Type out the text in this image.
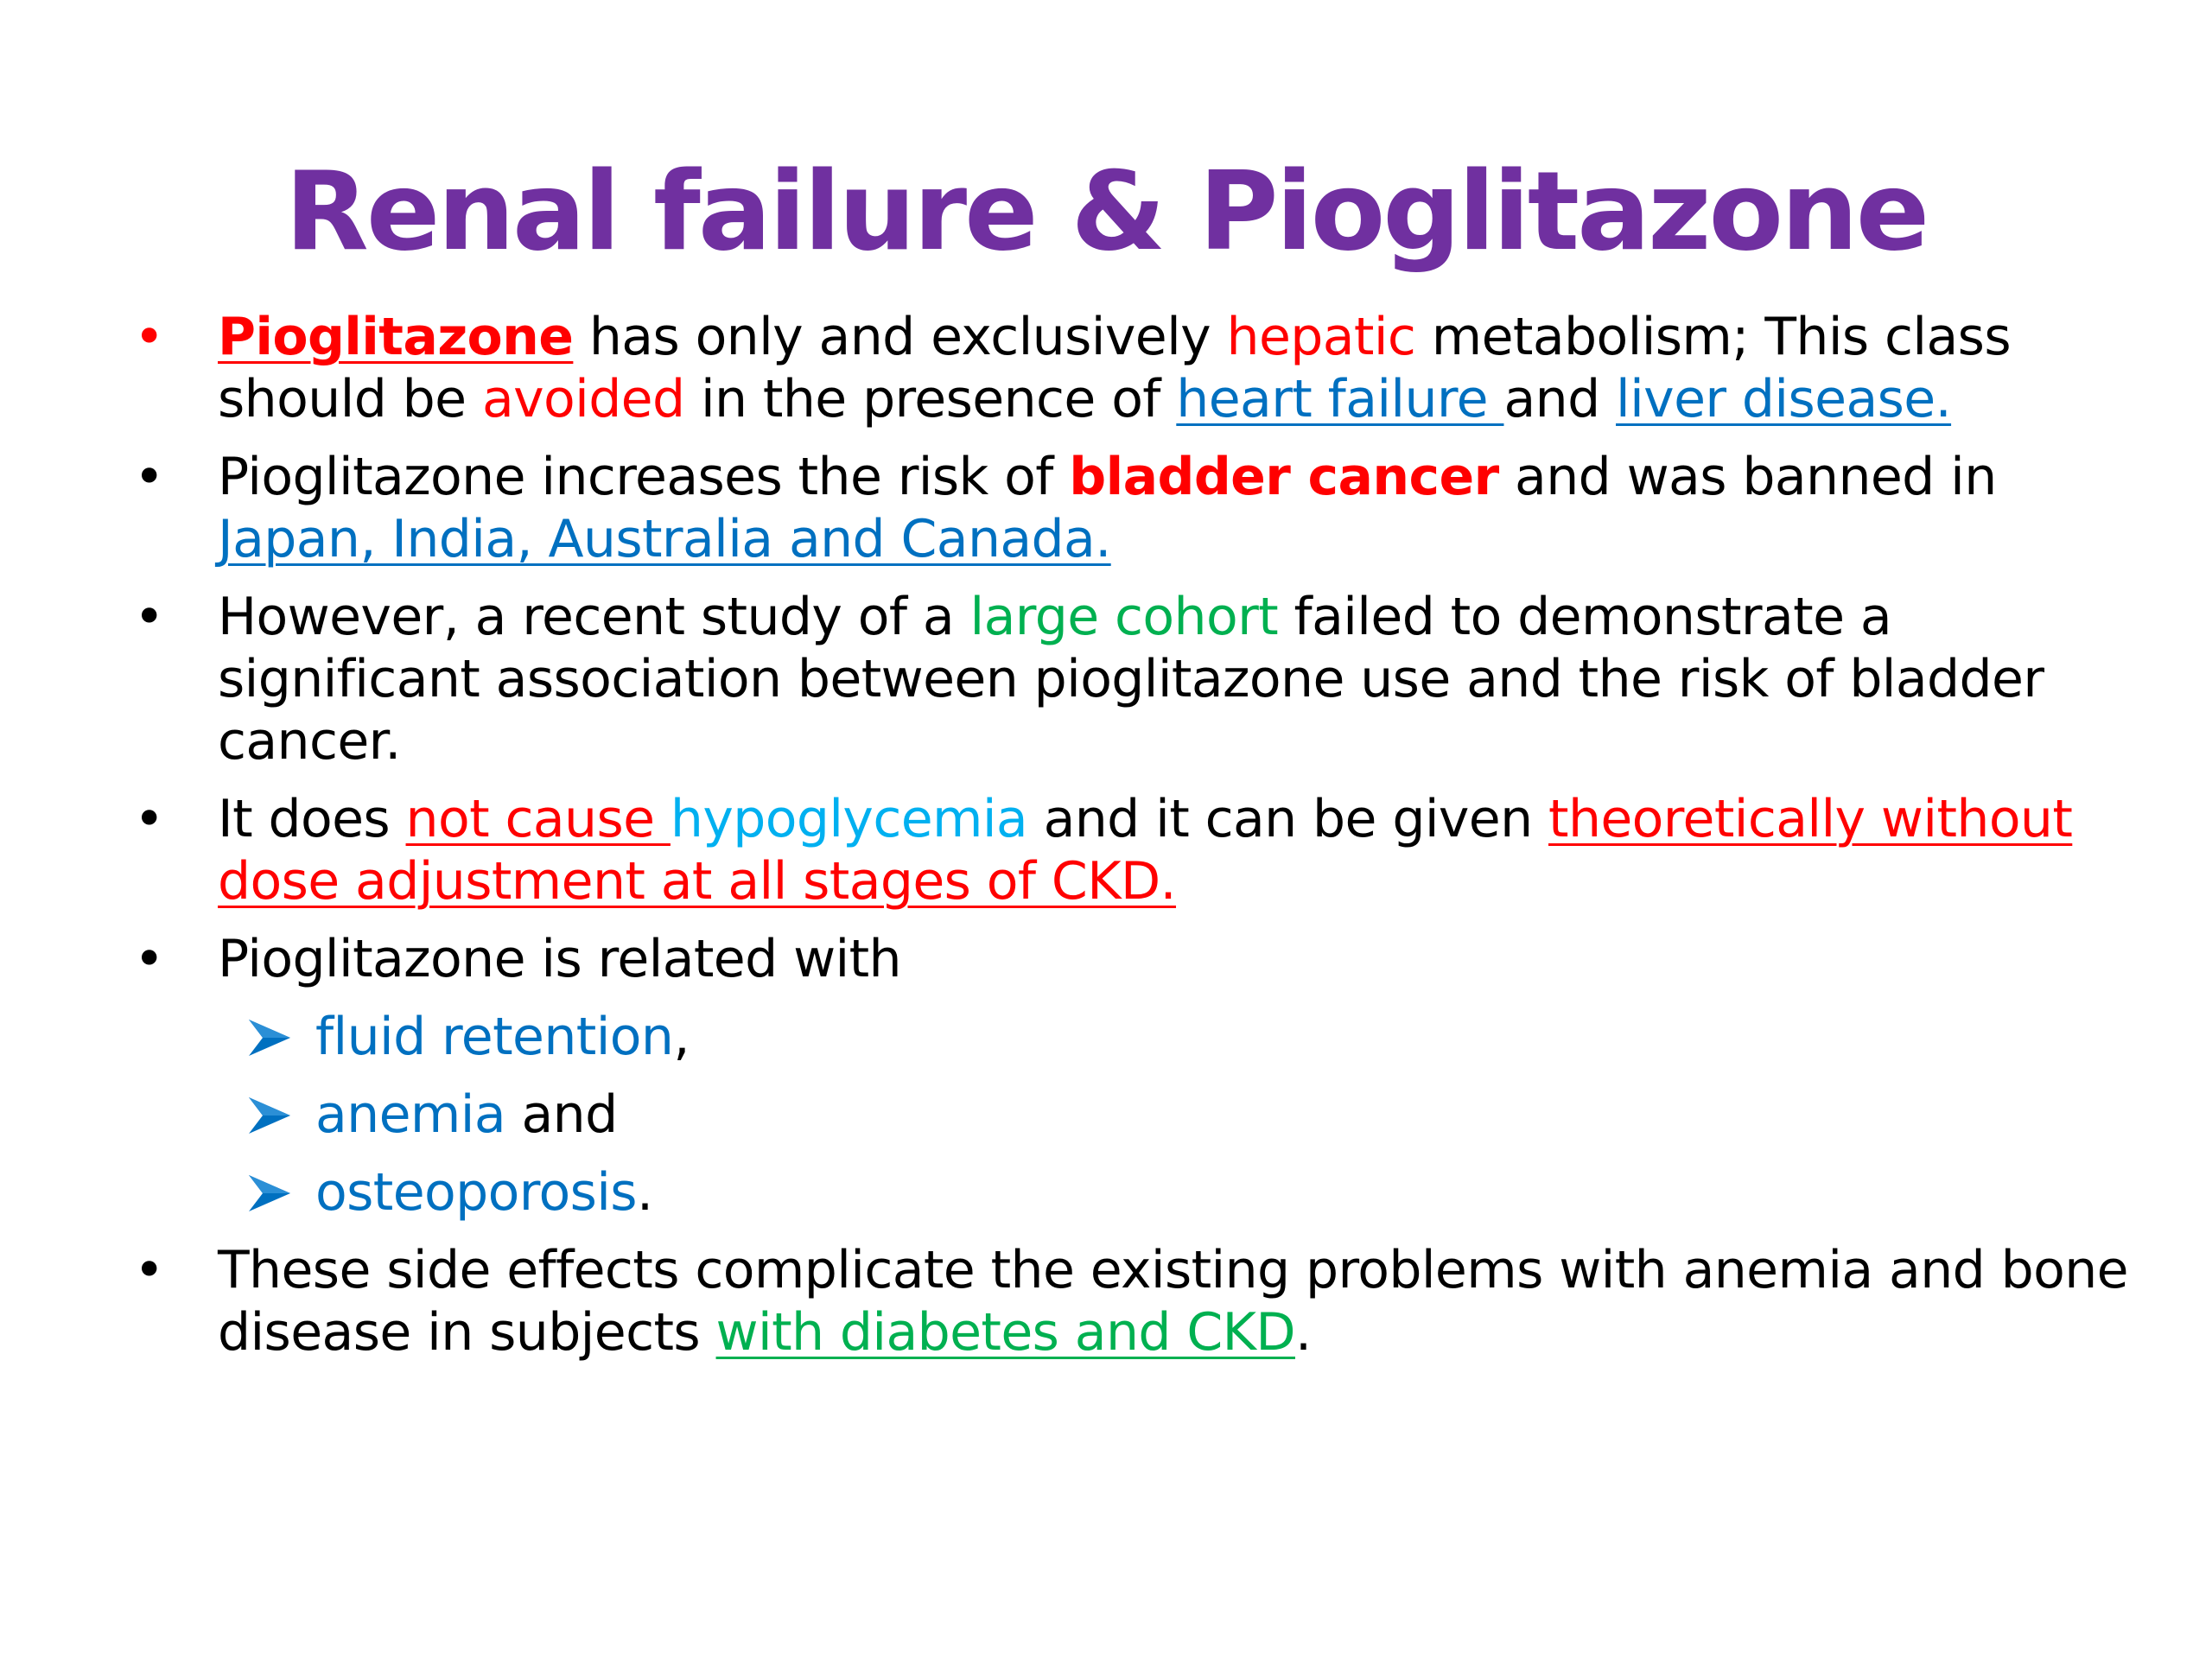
Renal failure & Pioglitazone
• Pioglitazone has only and exclusively hepatic metabolism; This class should be avoided in the presence of heart failure and liver disease.
• Pioglitazone increases the risk of bladder cancer and was banned in Japan, India, Australia and Canada.
• However, a recent study of a large cohort failed to demonstrate a significant association between pioglitazone use and the risk of bladder cancer.
• It does not cause hypoglycemia and it can be given theoretically without dose adjustment at all stages of CKD.
• Pioglitazone is related with
fluid retention,
anemia and
osteoporosis.
• These side effects complicate the existing problems with anemia and bone disease in subjects with diabetes and CKD.
